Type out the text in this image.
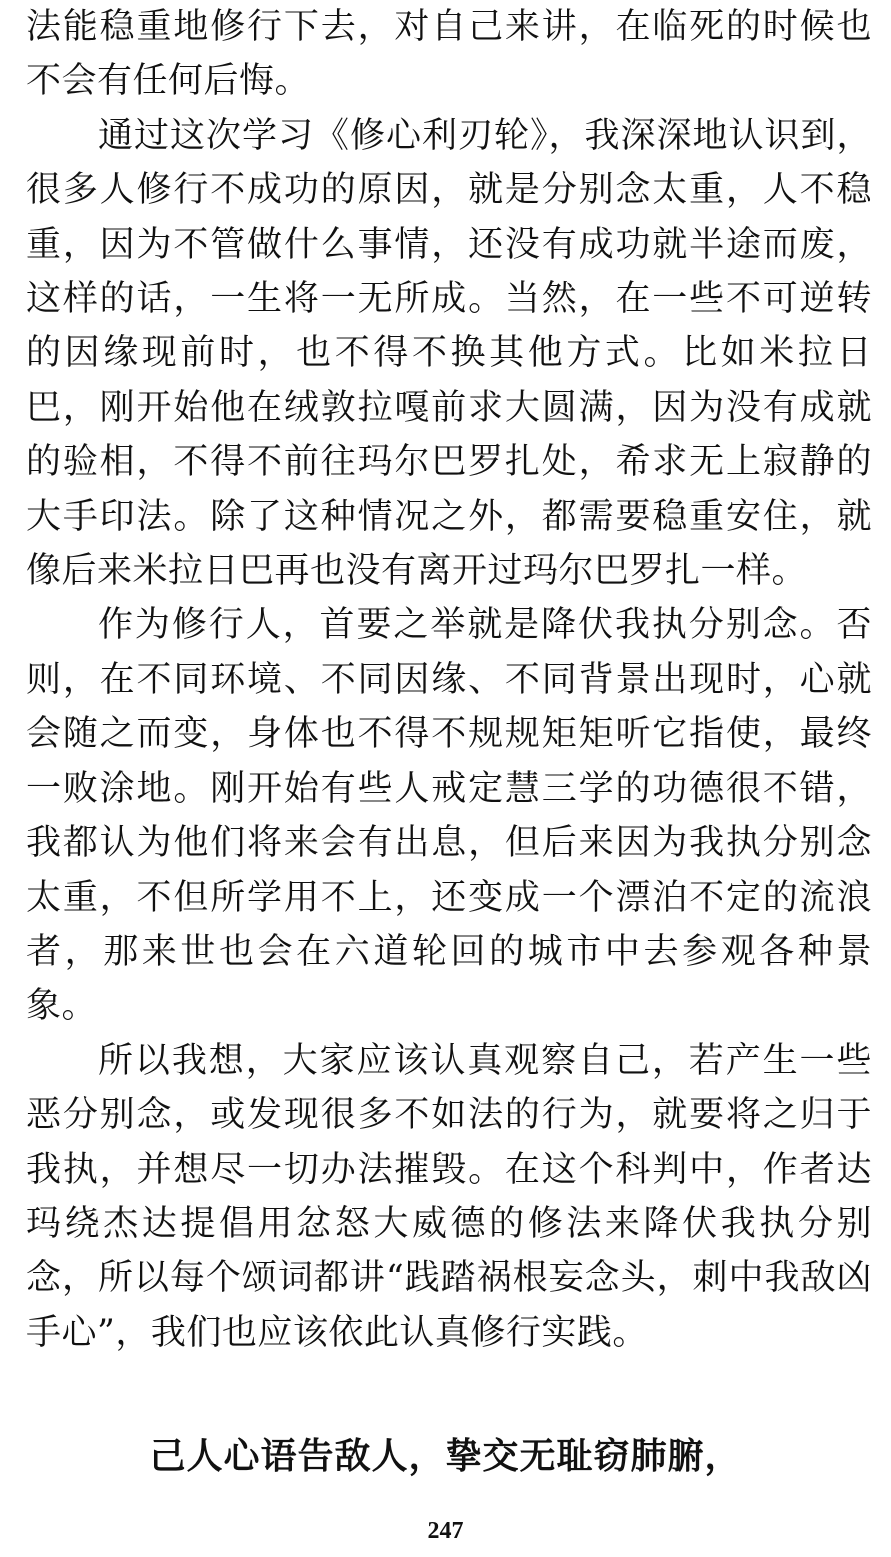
法能稳重地修行下去，对自己来讲，在临死的时候也不会有任何后悔。

通过这次学习《修心利刃轮》，我深深地认识到，很多人修行不成功的原因，就是分别念太重，人不稳重，因为不管做什么事情，还没有成功就半途而废，这样的话，一生将一无所成。当然，在一些不可逆转的因缘现前时，也不得不换其他方式。比如米拉日巴，刚开始他在绒敦拉嘎前求大圆满，因为没有成就的验相，不得不前往玛尔巴罗扎处，希求无上寂静的大手印法。除了这种情况之外，都需要稳重安住，就像后来米拉日巴再也没有离开过玛尔巴罗扎一样。

作为修行人，首要之举就是降伏我执分别念。否则，在不同环境、不同因缘、不同背景出现时，心就会随之而变，身体也不得不规规矩矩听它指使，最终一败涂地。刚开始有些人戒定慧三学的功德很不错，我都认为他们将来会有出息，但后来因为我执分别念太重，不但所学用不上，还变成一个漂泊不定的流浪者，那来世也会在六道轮回的城市中去参观各种景象。

所以我想，大家应该认真观察自己，若产生一些恶分别念，或发现很多不如法的行为，就要将之归于我执，并想尽一切办法摧毁。在这个科判中，作者达玛绕杰达提倡用忿怒大威德的修法来降伏我执分别念，所以每个颂词都讲“践踏祸根妄念头，刺中我敌凶手心”，我们也应该依此认真修行实践。

己人心语告敌人，挚交无耻窃肺腑，
247
